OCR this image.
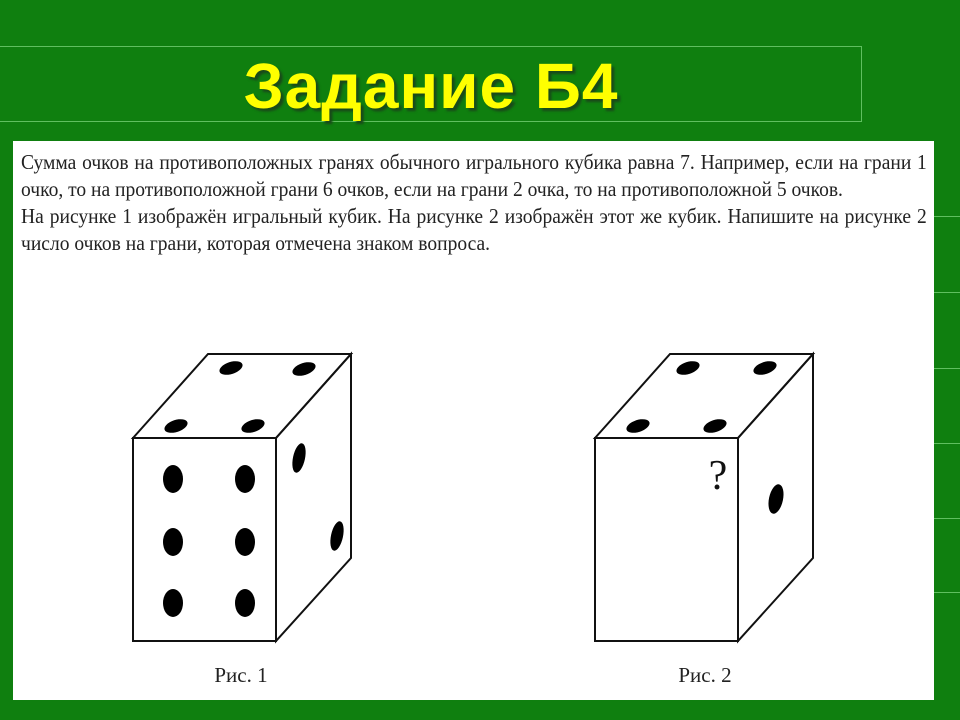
Задание Б4

Сумма очков на противоположных гранях обычного игрального кубика равна 7. Например, если на грани 1 очко, то на противоположной грани 6 очков, если на грани 2 очка, то на противоположной 5 очков.

На рисунке 1 изображён игральный кубик. На рисунке 2 изображён этот же кубик. Напишите на рисунке 2 число очков на грани, которая отмечена знаком вопроса.

Рис. 1
?
Рис. 2
